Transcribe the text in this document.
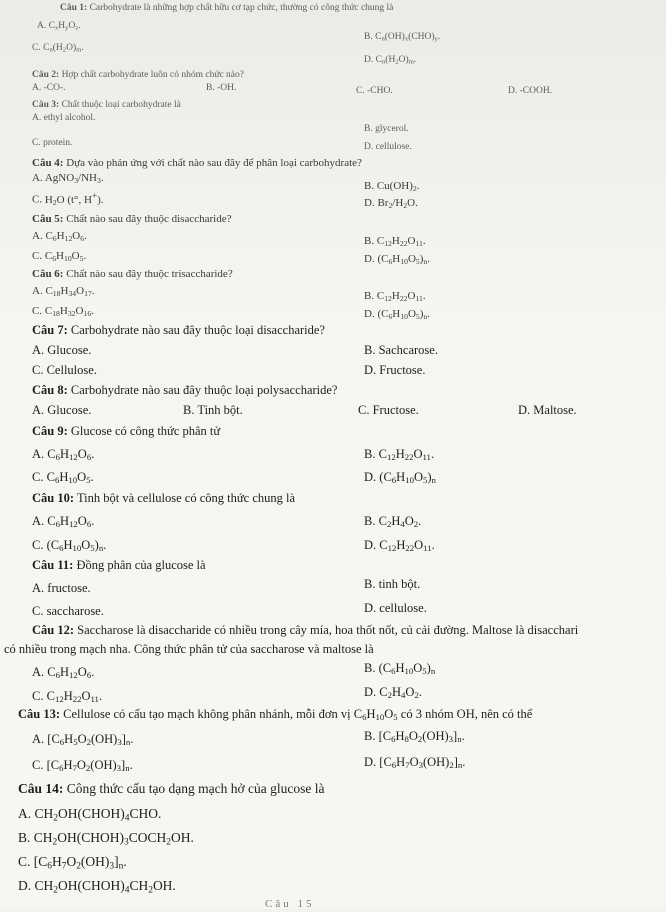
Câu 1: Carbohydrate là những hợp chất hữu cơ tạp chức, thường có công thức chung là
A. $C_xH_yO_z$.
B. $C_n(OH)_x(CHO)_y$.
C. $C_n(H_2O)_m$.
D. $C_n(H_2O)_m$.
Câu 2: Hợp chất carbohydrate luôn có nhóm chức nào?
A. -CO-.	B. -OH.	C. -CHO.	D. -COOH.
Câu 3: Chất thuộc loại carbohydrate là
A. ethyl alcohol.
B. glycerol.
C. protein.	D. cellulose.
Câu 4: Dựa vào phản ứng với chất nào sau đây để phân loại carbohydrate?
A. $AgNO_3/NH_3$.
B. $Cu(OH)_2$.
C. $H_2O$ (t°, H+).	D. $Br_2/H_2O$.
Câu 5: Chất nào sau đây thuộc disaccharide?
A. $C_6H_{12}O_6$.	B. $C_{12}H_{22}O_{11}$.
C. $C_6H_{10}O_5$.	D. $(C_6H_{10}O_5)_n$.
Câu 6: Chất nào sau đây thuộc trisaccharide?
A. $C_{18}H_{34}O_{17}$.	B. $C_{12}H_{22}O_{11}$.
C. $C_{18}H_{32}O_{16}$.	D. $(C_6H_{10}O_5)_n$.
Câu 7: Carbohydrate nào sau đây thuộc loại disaccharide?
A. Glucose.	B. Sachcarose.
C. Cellulose.	D. Fructose.
Câu 8: Carbohydrate nào sau đây thuộc loại polysaccharide?
A. Glucose.	B. Tinh bột.	C. Fructose.	D. Maltose.
Câu 9: Glucose có công thức phân tử
A. $C_6H_{12}O_6$.	B. $C_{12}H_{22}O_{11}$.
C. $C_6H_{10}O_5$.	D. $(C_6H_{10}O_5)_n$
Câu 10: Tinh bột và cellulose có công thức chung là
A. $C_6H_{12}O_6$.	B. $C_2H_4O_2$.
C. $(C_6H_{10}O_5)_n$.	D. $C_{12}H_{22}O_{11}$.
Câu 11: Đồng phân của glucose là
A. fructose.	B. tinh bột.
C. saccharose.	D. cellulose.
Câu 12: Saccharose là disaccharide có nhiều trong cây mía, hoa thốt nốt, củ cải đường. Maltose là disacchari
có nhiều trong mạch nha. Công thức phân tử của saccharose và maltose là
A. $C_6H_{12}O_6$.	B. $(C_6H_{10}O_5)_n$
C. $C_{12}H_{22}O_{11}$.	D. $C_2H_4O_2$.
Câu 13: Cellulose có cấu tạo mạch không phân nhánh, mỗi đơn vị $C_6H_{10}O_5$ có 3 nhóm OH, nên có thể
A. $[C_6H_5O_2(OH)_3]_n$.	B. $[C_6H_8O_2(OH)_3]_n$.
C. $[C_6H_7O_2(OH)_3]_n$.	D. $[C_6H_7O_3(OH)_2]_n$.
Câu 14: Công thức cấu tạo dạng mạch hở của glucose là
A. $CH_2OH(CHOH)_4CHO$.
B. $CH_2OH(CHOH)_3COCH_2OH$.
C. $[C_6H_7O_2(OH)_3]_n$.
D. $CH_2OH(CHOH)_4CH_2OH$.
Câu 15
